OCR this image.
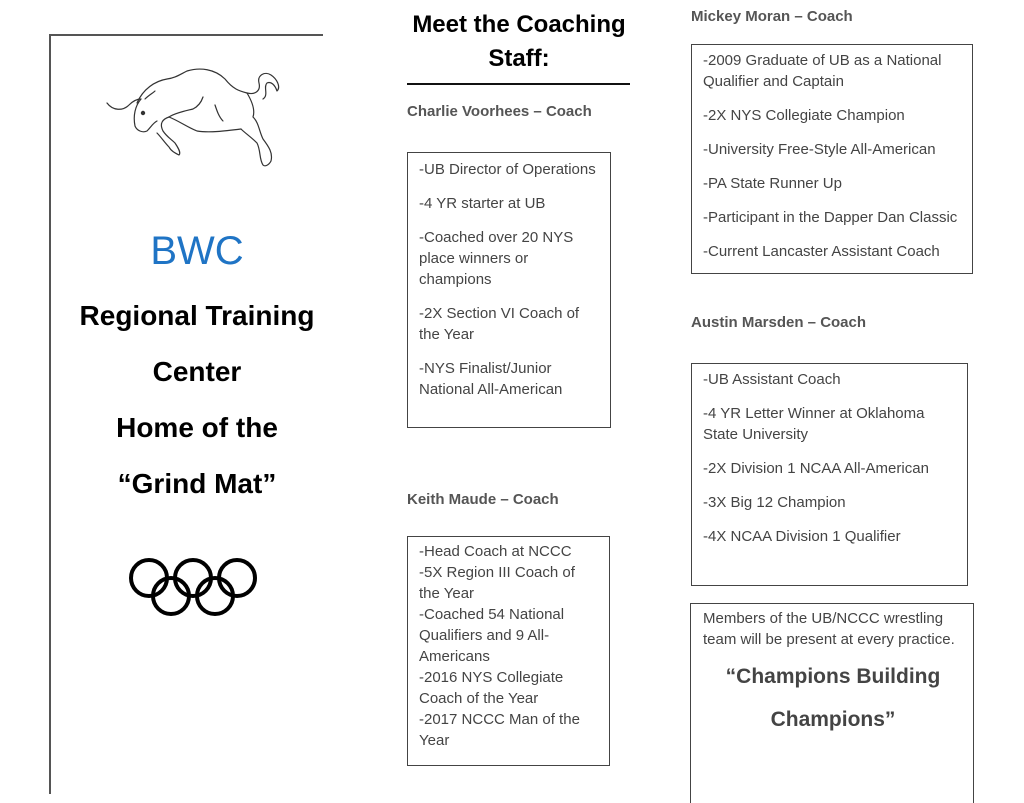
BWC
Regional Training
Center
Home of the
“Grind Mat”
Meet the Coaching
Staff:
Charlie Voorhees – Coach
-UB Director of Operations
-4 YR starter at UB
-Coached over 20 NYS place winners or champions
-2X Section VI Coach of the Year
-NYS Finalist/Junior National All-American
Keith Maude – Coach
-Head Coach at NCCC
-5X Region III Coach of the Year
-Coached 54 National Qualifiers and 9 All-Americans
-2016 NYS Collegiate Coach of the Year
-2017 NCCC Man of the Year
Mickey Moran – Coach
-2009 Graduate of UB as a National Qualifier and Captain
-2X NYS Collegiate Champion
-University Free-Style All-American
-PA State Runner Up
-Participant in the Dapper Dan Classic
-Current Lancaster Assistant Coach
Austin Marsden – Coach
-UB Assistant Coach
-4 YR Letter Winner at Oklahoma State University
-2X Division 1 NCAA All-American
-3X Big 12 Champion
-4X NCAA Division 1 Qualifier
Members of the UB/NCCC wrestling team will be present at every practice.
“Champions Building
Champions”
